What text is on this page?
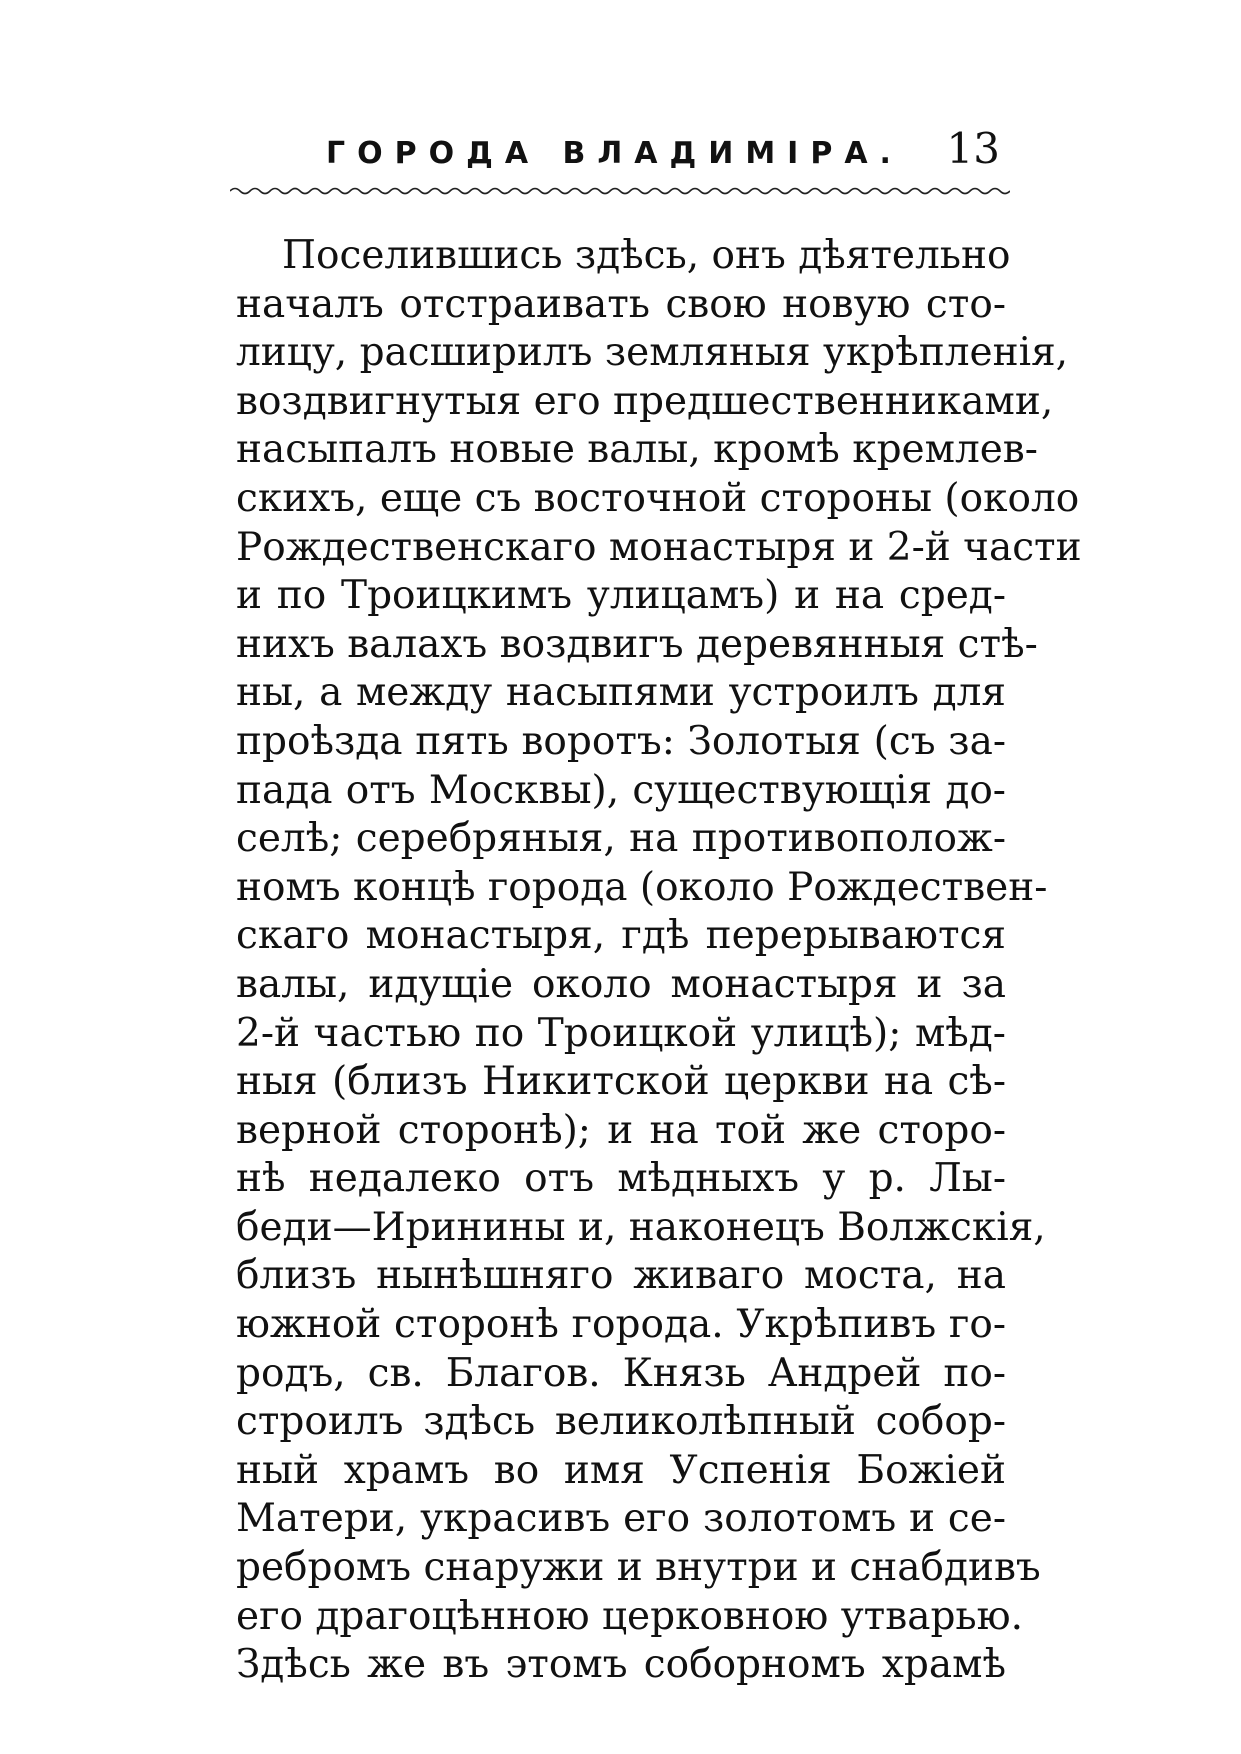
ГОРОДА ВЛАДИМІРА. 13
Поселившись здѣсь, онъ дѣятельно
началъ отстраивать свою новую сто-
лицу, расширилъ земляныя укрѣпленія,
воздвигнутыя его предшественниками,
насыпалъ новые валы, кромѣ кремлев-
скихъ, еще съ восточной стороны (около
Рождественскаго монастыря и 2-й части
и по Троицкимъ улицамъ) и на сред-
нихъ валахъ воздвигъ деревянныя стѣ-
ны, а между насыпями устроилъ для
проѣзда пять воротъ: Золотыя (съ за-
пада отъ Москвы), существующія до-
селѣ; серебряныя, на противополож-
номъ концѣ города (около Рождествен-
скаго монастыря, гдѣ перерываются
валы, идущіе около монастыря и за
2-й частью по Троицкой улицѣ); мѣд-
ныя (близъ Никитской церкви на сѣ-
верной сторонѣ); и на той же сторо-
нѣ недалеко отъ мѣдныхъ у р. Лы-
беди—Иринины и, наконецъ Волжскія,
близъ нынѣшняго живаго моста, на
южной сторонѣ города. Укрѣпивъ го-
родъ, св. Благов. Князь Андрей по-
строилъ здѣсь великолѣпный собор-
ный храмъ во имя Успенія Божіей
Матери, украсивъ его золотомъ и се-
ребромъ снаружи и внутри и снабдивъ
его драгоцѣнною церковною утварью.
Здѣсь же въ этомъ соборномъ храмѣ
